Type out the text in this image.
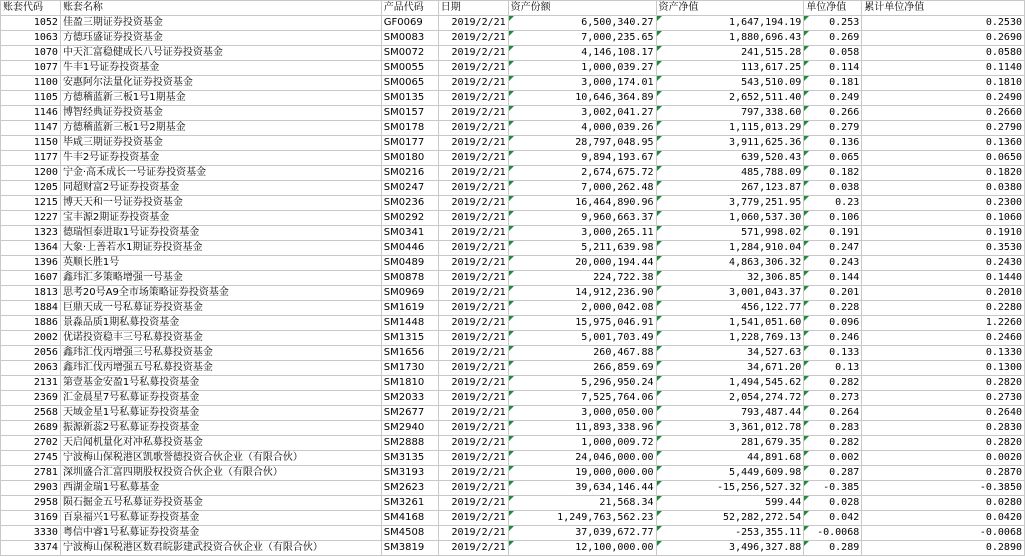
账套代码	账套名称	产品代码	日期	资产份额	资产净值	单位净值	累计单位净值
1052	佳盈三期证券投资基金	GF0069	2019/2/21	6,500,340.27	1,647,194.19	0.253	0.2530
1063	方德珏盛证券投资基金	SM0083	2019/2/21	7,000,235.65	1,880,696.43	0.269	0.2690
1070	中天汇富稳健成长八号证券投资基金	SM0072	2019/2/21	4,146,108.17	241,515.28	0.058	0.0580
1077	牛丰1号证券投资基金	SM0055	2019/2/21	1,000,039.27	113,617.25	0.114	0.1140
1100	安惠阿尔法量化证券投资基金	SM0065	2019/2/21	3,000,174.01	543,510.09	0.181	0.1810
1105	方德稽蓝新三板1号1期基金	SM0135	2019/2/21	10,646,364.89	2,652,511.40	0.249	0.2490
1146	博智经典证券投资基金	SM0157	2019/2/21	3,002,041.27	797,338.60	0.266	0.2660
1147	方德稽蓝新三板1号2期基金	SM0178	2019/2/21	4,000,039.26	1,115,013.29	0.279	0.2790
1150	毕咸三期证券投资基金	SM0177	2019/2/21	28,797,048.95	3,911,625.36	0.136	0.1360
1177	牛丰2号证券投资基金	SM0180	2019/2/21	9,894,193.67	639,520.43	0.065	0.0650
1200	宁金·高禾成长一号证券投资基金	SM0216	2019/2/21	2,674,675.72	485,788.09	0.182	0.1820
1205	同超财富2号证券投资基金	SM0247	2019/2/21	7,000,262.48	267,123.87	0.038	0.0380
1215	博天天和一号证券投资基金	SM0236	2019/2/21	16,464,890.96	3,779,251.95	0.23	0.2300
1227	宝丰源2期证券投资基金	SM0292	2019/2/21	9,960,663.37	1,060,537.30	0.106	0.1060
1323	德瑞恒泰进取1号证券投资基金	SM0341	2019/2/21	3,000,265.11	571,998.02	0.191	0.1910
1364	大象·上善若水1期证券投资基金	SM0446	2019/2/21	5,211,639.98	1,284,910.04	0.247	0.3530
1396	英顺长胜1号	SM0489	2019/2/21	20,000,194.44	4,863,306.32	0.243	0.2430
1607	鑫玮汇多策略增强一号基金	SM0878	2019/2/21	224,722.38	32,306.85	0.144	0.1440
1813	思考20号A9全市场策略证券投资基金	SM0969	2019/2/21	14,912,236.90	3,001,043.37	0.201	0.2010
1884	巨鼎天成一号私募证券投资基金	SM1619	2019/2/21	2,000,042.08	456,122.77	0.228	0.2280
1886	景淼品质1期私募投资基金	SM1448	2019/2/21	15,975,046.91	1,541,051.60	0.096	1.2260
2002	优诺投资稳丰三号私募投资基金	SM1315	2019/2/21	5,001,703.49	1,228,769.13	0.246	0.2460
2056	鑫玮汇伐丙增强三号私募投资基金	SM1656	2019/2/21	260,467.88	34,527.63	0.133	0.1330
2063	鑫玮汇伐丙增强五号私募投资基金	SM1730	2019/2/21	266,859.69	34,671.20	0.13	0.1300
2131	第壹基金安盈1号私募投资基金	SM1810	2019/2/21	5,296,950.24	1,494,545.62	0.282	0.2820
2369	汇金晨星7号私募证券投资基金	SM2033	2019/2/21	7,525,764.06	2,054,274.72	0.273	0.2730
2568	天域金星1号私募证券投资基金	SM2677	2019/2/21	3,000,050.00	793,487.44	0.264	0.2640
2689	振源新蕊2号私募证券投资基金	SM2940	2019/2/21	11,893,338.96	3,361,012.78	0.283	0.2830
2702	天启闻机量化对冲私募投资基金	SM2888	2019/2/21	1,000,009.72	281,679.35	0.282	0.2820
2745	宁波梅山保税港区凯歌誉德投资合伙企业（有限合伙）	SM3135	2019/2/21	24,046,000.00	44,891.68	0.002	0.0020
2781	深圳盛合汇富四期股权投资合伙企业（有限合伙）	SM3193	2019/2/21	19,000,000.00	5,449,609.98	0.287	0.2870
2903	西湖金瑞1号私募基金	SM2623	2019/2/21	39,634,146.44	-15,256,527.32	-0.385	-0.3850
2958	陨石掘金五号私募证券投资基金	SM3261	2019/2/21	21,568.34	599.44	0.028	0.0280
3169	百泉福兴1号私募证券投资基金	SM4168	2019/2/21	1,249,763,562.23	52,282,272.54	0.042	0.0420
3330	粤信中睿1号私募证券投资基金	SM4508	2019/2/21	37,039,672.77	-253,355.11	-0.0068	-0.0068
3374	宁波梅山保税港区数君皖影建武投资合伙企业（有限合伙）	SM3819	2019/2/21	12,100,000.00	3,496,327.88	0.289	0.2890
